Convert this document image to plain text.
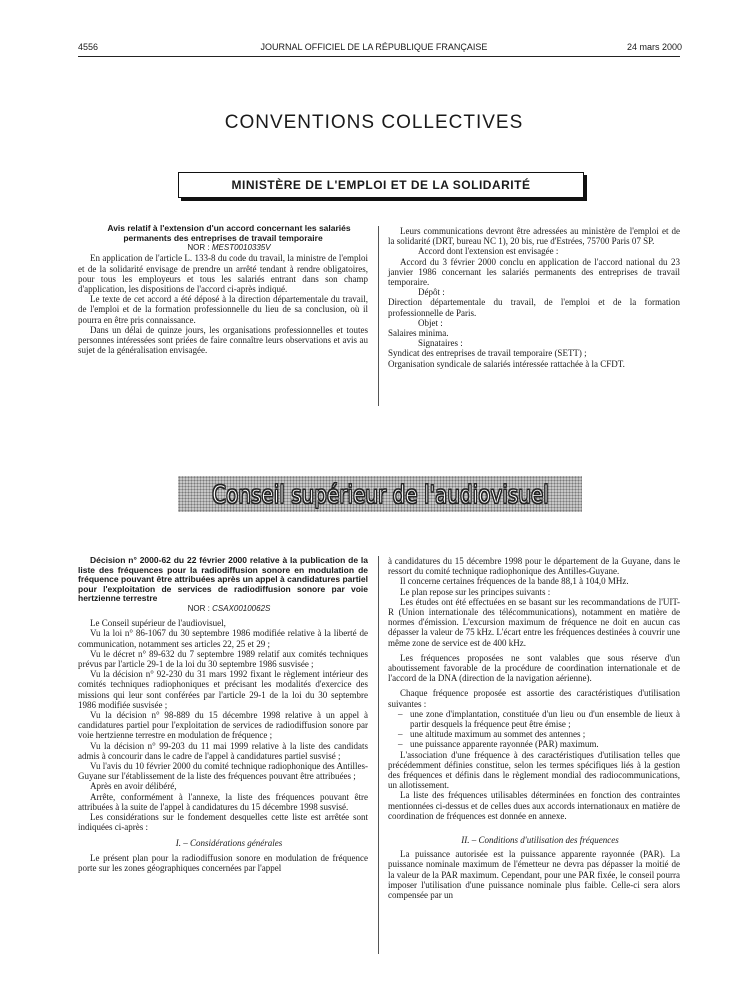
4556	JOURNAL OFFICIEL DE LA RÉPUBLIQUE FRANÇAISE	24 mars 2000
CONVENTIONS COLLECTIVES
MINISTÈRE DE L'EMPLOI ET DE LA SOLIDARITÉ

Avis relatif à l'extension d'un accord concernant les salariés permanents des entreprises de travail temporaire

NOR : MEST0010335V

En application de l'article L. 133-8 du code du travail, la ministre de l'emploi et de la solidarité envisage de prendre un arrêté tendant à rendre obligatoires, pour tous les employeurs et tous les salariés entrant dans son champ d'application, les dispositions de l'accord ci-après indiqué.

Le texte de cet accord a été déposé à la direction départementale du travail, de l'emploi et de la formation professionnelle du lieu de sa conclusion, où il pourra en être pris connaissance.

Dans un délai de quinze jours, les organisations professionnelles et toutes personnes intéressées sont priées de faire connaître leurs observations et avis au sujet de la généralisation envisagée.

Leurs communications devront être adressées au ministère de l'emploi et de la solidarité (DRT, bureau NC 1), 20 bis, rue d'Estrées, 75700 Paris 07 SP.

Accord dont l'extension est envisagée :

Accord du 3 février 2000 conclu en application de l'accord national du 23 janvier 1986 concernant les salariés permanents des entreprises de travail temporaire.

Dépôt :

Direction départementale du travail, de l'emploi et de la formation professionnelle de Paris.

Objet :

Salaires minima.

Signataires :

Syndicat des entreprises de travail temporaire (SETT) ;

Organisation syndicale de salariés intéressée rattachée à la CFDT.

Conseil supérieur de l'audiovisuel

Décision n° 2000-62 du 22 février 2000 relative à la publication de la liste des fréquences pour la radiodiffusion sonore en modulation de fréquence pouvant être attribuées après un appel à candidatures partiel pour l'exploitation de services de radiodiffusion sonore par voie hertzienne terrestre

NOR : CSAX0010062S

Le Conseil supérieur de l'audiovisuel,

Vu la loi n° 86-1067 du 30 septembre 1986 modifiée relative à la liberté de communication, notamment ses articles 22, 25 et 29 ;

Vu le décret n° 89-632 du 7 septembre 1989 relatif aux comités techniques prévus par l'article 29-1 de la loi du 30 septembre 1986 susvisée ;

Vu la décision n° 92-230 du 31 mars 1992 fixant le règlement intérieur des comités techniques radiophoniques et précisant les modalités d'exercice des missions qui leur sont conférées par l'article 29-1 de la loi du 30 septembre 1986 modifiée susvisée ;

Vu la décision n° 98-889 du 15 décembre 1998 relative à un appel à candidatures partiel pour l'exploitation de services de radiodiffusion sonore par voie hertzienne terrestre en modulation de fréquence ;

Vu la décision n° 99-203 du 11 mai 1999 relative à la liste des candidats admis à concourir dans le cadre de l'appel à candidatures partiel susvisé ;

Vu l'avis du 10 février 2000 du comité technique radiophonique des Antilles-Guyane sur l'établissement de la liste des fréquences pouvant être attribuées ;

Après en avoir délibéré,

Arrête, conformément à l'annexe, la liste des fréquences pouvant être attribuées à la suite de l'appel à candidatures du 15 décembre 1998 susvisé.

Les considérations sur le fondement desquelles cette liste est arrêtée sont indiquées ci-après :

I. – Considérations générales

Le présent plan pour la radiodiffusion sonore en modulation de fréquence porte sur les zones géographiques concernées par l'appel

à candidatures du 15 décembre 1998 pour le département de la Guyane, dans le ressort du comité technique radiophonique des Antilles-Guyane.

Il concerne certaines fréquences de la bande 88,1 à 104,0 MHz.

Le plan repose sur les principes suivants :

Les études ont été effectuées en se basant sur les recommandations de l'UIT-R (Union internationale des télécommunications), notamment en matière de normes d'émission. L'excursion maximum de fréquence ne doit en aucun cas dépasser la valeur de 75 kHz. L'écart entre les fréquences destinées à couvrir une même zone de service est de 400 kHz.

Les fréquences proposées ne sont valables que sous réserve d'un aboutissement favorable de la procédure de coordination internationale et de l'accord de la DNA (direction de la navigation aérienne).

Chaque fréquence proposée est assortie des caractéristiques d'utilisation suivantes :

– une zone d'implantation, constituée d'un lieu ou d'un ensemble de lieux à partir desquels la fréquence peut être émise ;

– une altitude maximum au sommet des antennes ;

– une puissance apparente rayonnée (PAR) maximum.

L'association d'une fréquence à des caractéristiques d'utilisation telles que précédemment définies constitue, selon les termes spécifiques liés à la gestion des fréquences et définis dans le règlement mondial des radiocommunications, un allotissement.

La liste des fréquences utilisables déterminées en fonction des contraintes mentionnées ci-dessus et de celles dues aux accords internationaux en matière de coordination de fréquences est donnée en annexe.

II. – Conditions d'utilisation des fréquences

La puissance autorisée est la puissance apparente rayonnée (PAR). La puissance nominale maximum de l'émetteur ne devra pas dépasser la moitié de la valeur de la PAR maximum. Cependant, pour une PAR fixée, le conseil pourra imposer l'utilisation d'une puissance nominale plus faible. Celle-ci sera alors compensée par un
